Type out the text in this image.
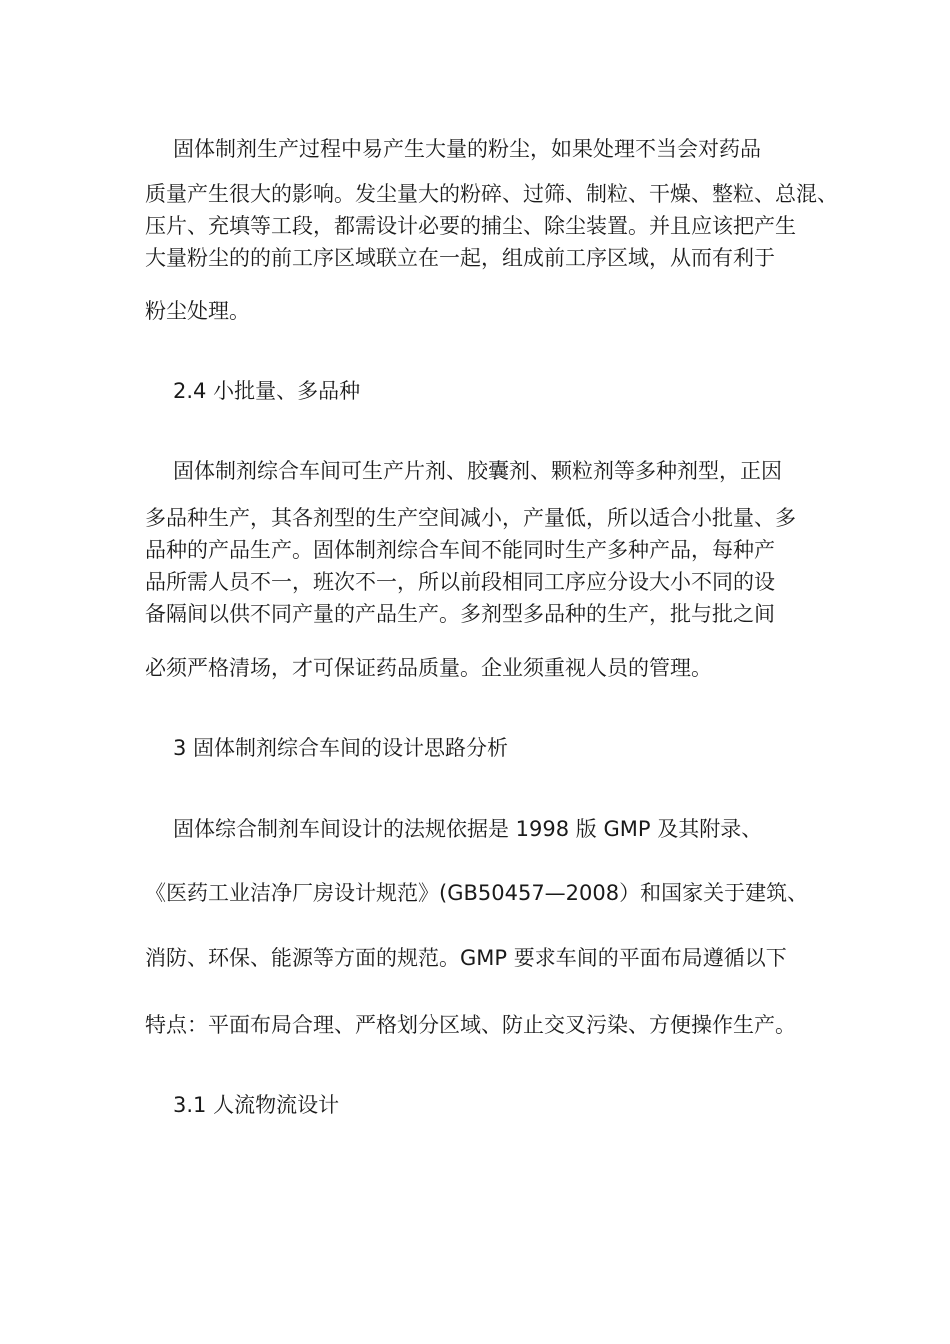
固体制剂生产过程中易产生大量的粉尘，如果处理不当会对药品
质量产生很大的影响。发尘量大的粉碎、过筛、制粒、干燥、整粒、总混、
压片、充填等工段，都需设计必要的捕尘、除尘装置。并且应该把产生
大量粉尘的的前工序区域联立在一起，组成前工序区域，从而有利于
粉尘处理。
2.4 小批量、多品种
固体制剂综合车间可生产片剂、胶囊剂、颗粒剂等多种剂型，正因
多品种生产，其各剂型的生产空间减小，产量低，所以适合小批量、多
品种的产品生产。固体制剂综合车间不能同时生产多种产品，每种产
品所需人员不一，班次不一，所以前段相同工序应分设大小不同的设
备隔间以供不同产量的产品生产。多剂型多品种的生产，批与批之间
必须严格清场，才可保证药品质量。企业须重视人员的管理。
3 固体制剂综合车间的设计思路分析
固体综合制剂车间设计的法规依据是 1998 版 GMP 及其附录、
《医药工业洁净厂房设计规范》(GB50457—2008）和国家关于建筑、
消防、环保、能源等方面的规范。GMP 要求车间的平面布局遵循以下
特点：平面布局合理、严格划分区域、防止交叉污染、方便操作生产。
3.1 人流物流设计
